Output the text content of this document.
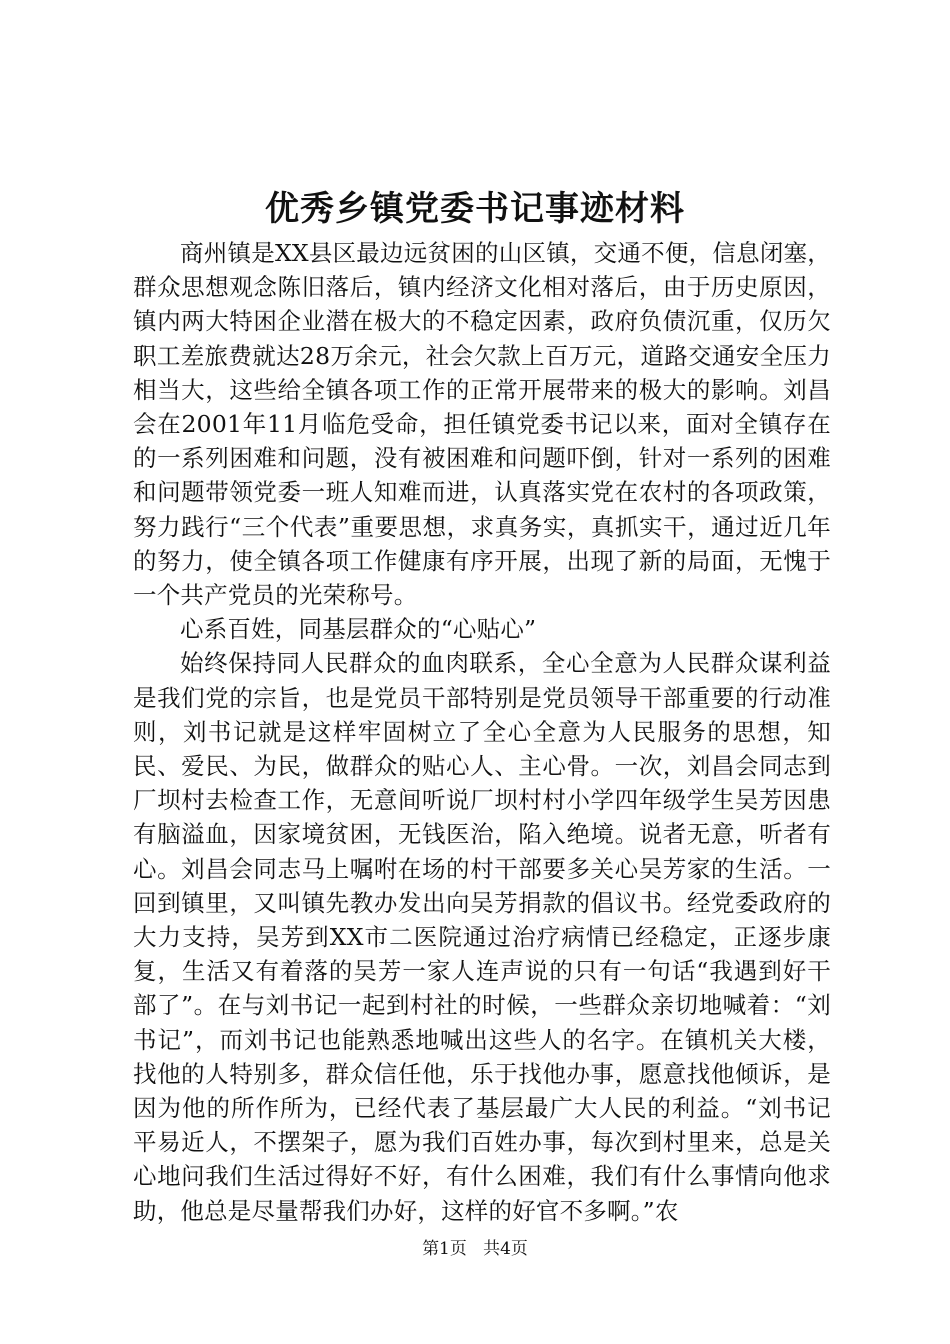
优秀乡镇党委书记事迹材料

商州镇是XX县区最边远贫困的山区镇，交通不便，信息闭塞，群众思想观念陈旧落后，镇内经济文化相对落后，由于历史原因，镇内两大特困企业潜在极大的不稳定因素，政府负债沉重，仅历欠职工差旅费就达28万余元，社会欠款上百万元，道路交通安全压力相当大，这些给全镇各项工作的正常开展带来的极大的影响。刘昌会在2001年11月临危受命，担任镇党委书记以来，面对全镇存在的一系列困难和问题，没有被困难和问题吓倒，针对一系列的困难和问题带领党委一班人知难而进，认真落实党在农村的各项政策，努力践行“三个代表”重要思想，求真务实，真抓实干，通过近几年的努力，使全镇各项工作健康有序开展，出现了新的局面，无愧于一个共产党员的光荣称号。

心系百姓，同基层群众的“心贴心”

始终保持同人民群众的血肉联系，全心全意为人民群众谋利益是我们党的宗旨，也是党员干部特别是党员领导干部重要的行动准则，刘书记就是这样牢固树立了全心全意为人民服务的思想，知民、爱民、为民，做群众的贴心人、主心骨。一次，刘昌会同志到厂坝村去检查工作，无意间听说厂坝村村小学四年级学生吴芳因患有脑溢血，因家境贫困，无钱医治，陷入绝境。说者无意，听者有心。刘昌会同志马上嘱咐在场的村干部要多关心吴芳家的生活。一回到镇里，又叫镇先教办发出向吴芳捐款的倡议书。经党委政府的大力支持，吴芳到XX市二医院通过治疗病情已经稳定，正逐步康复，生活又有着落的吴芳一家人连声说的只有一句话“我遇到好干部了”。在与刘书记一起到村社的时候，一些群众亲切地喊着：“刘书记”，而刘书记也能熟悉地喊出这些人的名字。在镇机关大楼，找他的人特别多，群众信任他，乐于找他办事，愿意找他倾诉，是因为他的所作所为，已经代表了基层最广大人民的利益。“刘书记平易近人，不摆架子，愿为我们百姓办事，每次到村里来，总是关心地问我们生活过得好不好，有什么困难，我们有什么事情向他求助，他总是尽量帮我们办好，这样的好官不多啊。”农

第1页 共4页
